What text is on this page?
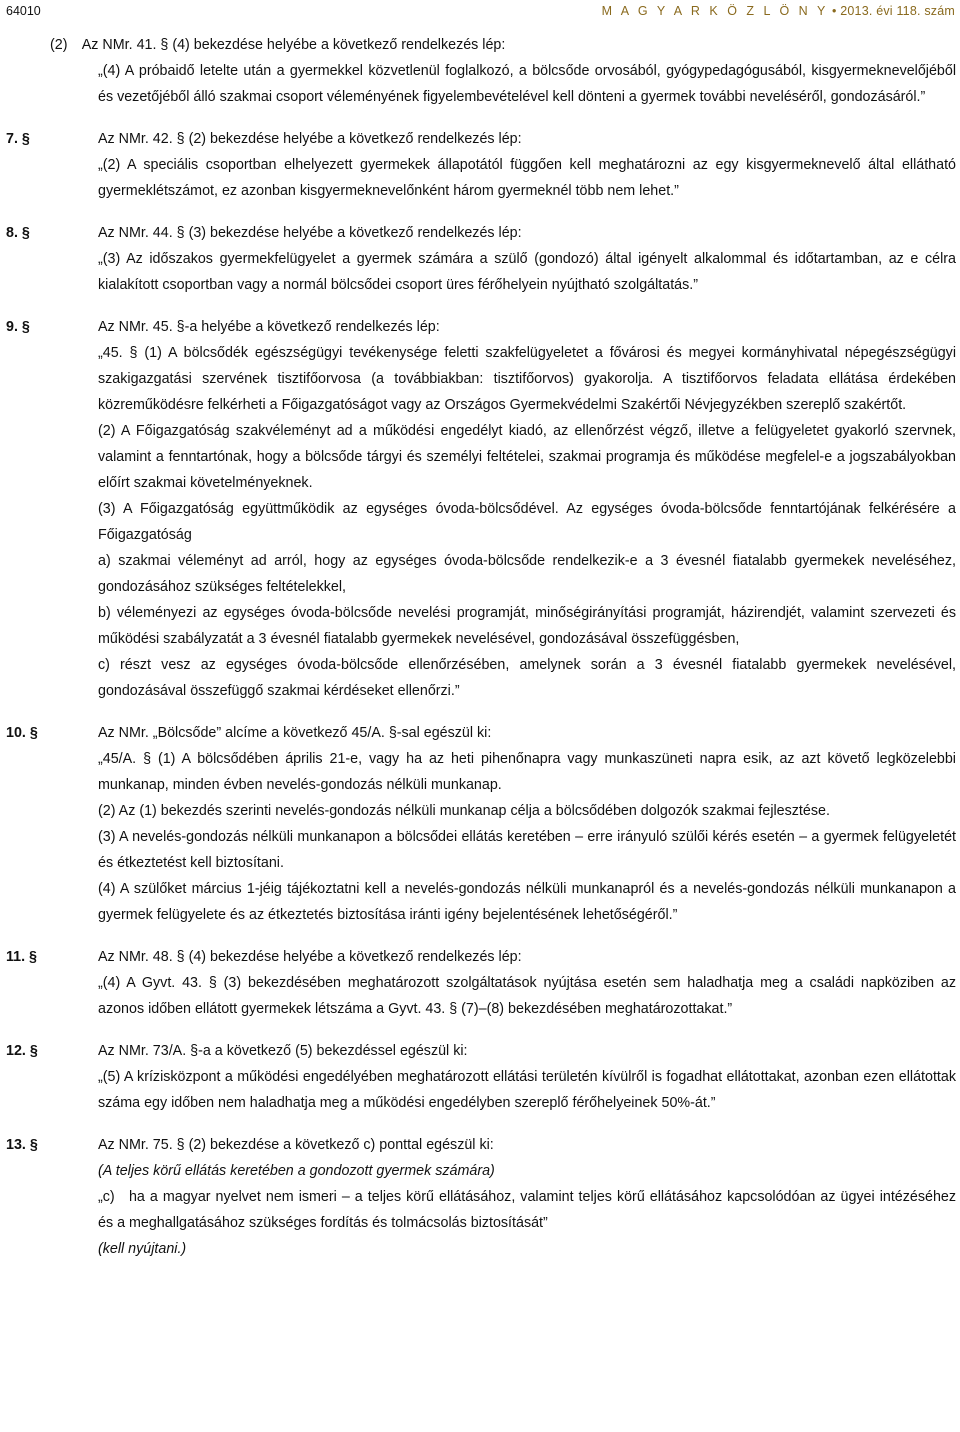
64010	M A G Y A R K Ö Z L Ö N Y • 2013. évi 118. szám
(2) Az NMr. 41. § (4) bekezdése helyébe a következő rendelkezés lép:
„(4) A próbaidő letelte után a gyermekkel közvetlenül foglalkozó, a bölcsőde orvosából, gyógypedagógusából, kisgyermeknevelőjéből és vezetőjéből álló szakmai csoport véleményének figyelembevételével kell dönteni a gyermek további neveléséről, gondozásáról.”
7. §	Az NMr. 42. § (2) bekezdése helyébe a következő rendelkezés lép:
„(2) A speciális csoportban elhelyezett gyermekek állapotától függően kell meghatározni az egy kisgyermeknevelő által ellátható gyermeklétszámot, ez azonban kisgyermeknevelőnként három gyermeknél több nem lehet.”
8. §	Az NMr. 44. § (3) bekezdése helyébe a következő rendelkezés lép:
„(3) Az időszakos gyermekfelügyelet a gyermek számára a szülő (gondozó) által igényelt alkalommal és időtartamban, az e célra kialakított csoportban vagy a normál bölcsődei csoport üres férőhelyein nyújtható szolgáltatás.”
9. §	Az NMr. 45. §-a helyébe a következő rendelkezés lép:
„45. § (1) A bölcsődék egészségügyi tevékenysége feletti szakfelügyeletet a fővárosi és megyei kormányhivatal népegészségügyi szakigazgatási szervének tisztifőorvosa (a továbbiakban: tisztifőorvos) gyakorolja. A tisztifőorvos feladata ellátása érdekében közreműködésre felkérheti a Főigazgatóságot vagy az Országos Gyermekvédelmi Szakértői Névjegyzékben szereplő szakértőt.
(2) A Főigazgatóság szakvéleményt ad a működési engedélyt kiadó, az ellenőrzést végző, illetve a felügyeletet gyakorló szervnek, valamint a fenntartónak, hogy a bölcsőde tárgyi és személyi feltételei, szakmai programja és működése megfelel-e a jogszabályokban előírt szakmai követelményeknek.
(3) A Főigazgatóság együttműködik az egységes óvoda-bölcsődével. Az egységes óvoda-bölcsőde fenntartójának felkérésére a Főigazgatóság
a) szakmai véleményt ad arról, hogy az egységes óvoda-bölcsőde rendelkezik-e a 3 évesnél fiatalabb gyermekek neveléséhez, gondozásához szükséges feltételekkel,
b) véleményezi az egységes óvoda-bölcsőde nevelési programját, minőségirányítási programját, házirendjét, valamint szervezeti és működési szabályzatát a 3 évesnél fiatalabb gyermekek nevelésével, gondozásával összefüggésben,
c) részt vesz az egységes óvoda-bölcsőde ellenőrzésében, amelynek során a 3 évesnél fiatalabb gyermekek nevelésével, gondozásával összefüggő szakmai kérdéseket ellenőrzi.”
10. §	Az NMr. „Bölcsőde” alcíme a következő 45/A. §-sal egészül ki:
„45/A. § (1) A bölcsődében április 21-e, vagy ha az heti pihenőnapra vagy munkaszüneti napra esik, az azt követő legközelebbi munkanap, minden évben nevelés-gondozás nélküli munkanap.
(2) Az (1) bekezdés szerinti nevelés-gondozás nélküli munkanap célja a bölcsődében dolgozók szakmai fejlesztése.
(3) A nevelés-gondozás nélküli munkanapon a bölcsődei ellátás keretében – erre irányuló szülői kérés esetén – a gyermek felügyeletét és étkeztetést kell biztosítani.
(4) A szülőket március 1-jéig tájékoztatni kell a nevelés-gondozás nélküli munkanapról és a nevelés-gondozás nélküli munkanapon a gyermek felügyelete és az étkeztetés biztosítása iránti igény bejelentésének lehetőségéről.”
11. §	Az NMr. 48. § (4) bekezdése helyébe a következő rendelkezés lép:
„(4) A Gyvt. 43. § (3) bekezdésében meghatározott szolgáltatások nyújtása esetén sem haladhatja meg a családi napköziben az azonos időben ellátott gyermekek létszáma a Gyvt. 43. § (7)–(8) bekezdésében meghatározottakat.”
12. §	Az NMr. 73/A. §-a a következő (5) bekezdéssel egészül ki:
„(5) A krízisközpont a működési engedélyében meghatározott ellátási területén kívülről is fogadhat ellátottakat, azonban ezen ellátottak száma egy időben nem haladhatja meg a működési engedélyben szereplő férőhelyeinek 50%-át.”
13. §	Az NMr. 75. § (2) bekezdése a következő c) ponttal egészül ki:
(A teljes körű ellátás keretében a gondozott gyermek számára)
„c) ha a magyar nyelvet nem ismeri – a teljes körű ellátásához, valamint teljes körű ellátásához kapcsolódóan az ügyei intézéséhez és a meghallgatásához szükséges fordítás és tolmácsolás biztosítását”
(kell nyújtani.)
